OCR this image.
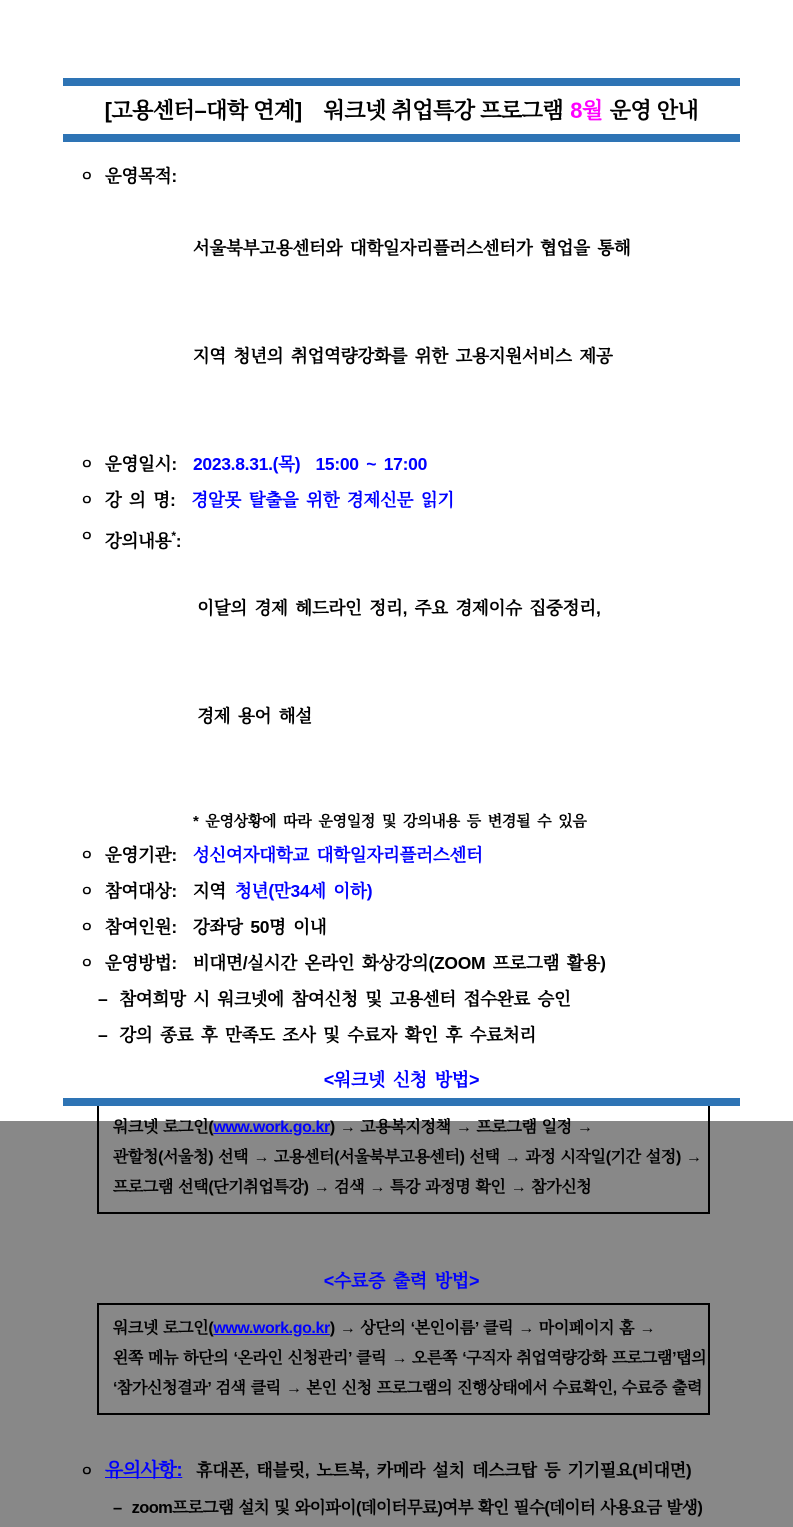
[고용센터–대학 연계] 워크넷 취업특강 프로그램 8월 운영 안내
ㅇ 운영목적:

서울북부고용센터와 대학일자리플러스센터가 협업을 통해

지역 청년의 취업역량강화를 위한 고용지원서비스 제공

ㅇ 운영일시: 2023.8.31.(목)  15:00 ~ 17:00
ㅇ 강 의 명: 경알못 탈출을 위한 경제신문 읽기
ㅇ 강의내용*:

이달의 경제 헤드라인 정리, 주요 경제이슈 집중정리,

경제 용어 해설

* 운영상황에 따라 운영일정 및 강의내용 등 변경될 수 있음
ㅇ 운영기관: 성신여자대학교 대학일자리플러스센터
ㅇ 참여대상: 지역 청년(만34세 이하)
ㅇ 참여인원: 강좌당 50명 이내
ㅇ 운영방법: 비대면/실시간 온라인 화상강의(ZOOM 프로그램 활용)
– 참여희망 시 워크넷에 참여신청 및 고용센터 접수완료 승인
– 강의 종료 후 만족도 조사 및 수료자 확인 후 수료처리
<워크넷 신청 방법>
워크넷 로그인(www.work.go.kr) → 고용복지정책 → 프로그램 일정 →
관할청(서울청) 선택 → 고용센터(서울북부고용센터) 선택 → 과정 시작일(기간 설정) →
프로그램 선택(단기취업특강) → 검색 → 특강 과정명 확인 → 참가신청
<수료증 출력 방법>
워크넷 로그인(www.work.go.kr) → 상단의 ‘본인이름’ 클릭 → 마이페이지 홈 →
왼쪽 메뉴 하단의 ‘온라인 신청관리’ 클릭 → 오른쪽 ‘구직자 취업역량강화 프로그램’탭의
‘참가신청결과’ 검색 클릭 → 본인 신청 프로그램의 진행상태에서 수료확인, 수료증 출력
ㅇ 유의사항: 휴대폰, 태블릿, 노트북, 카메라 설치 데스크탑 등 기기필요(비대면)
– zoom프로그램 설치 및 와이파이(데이터무료)여부 확인 필수(데이터 사용요금 발생)
